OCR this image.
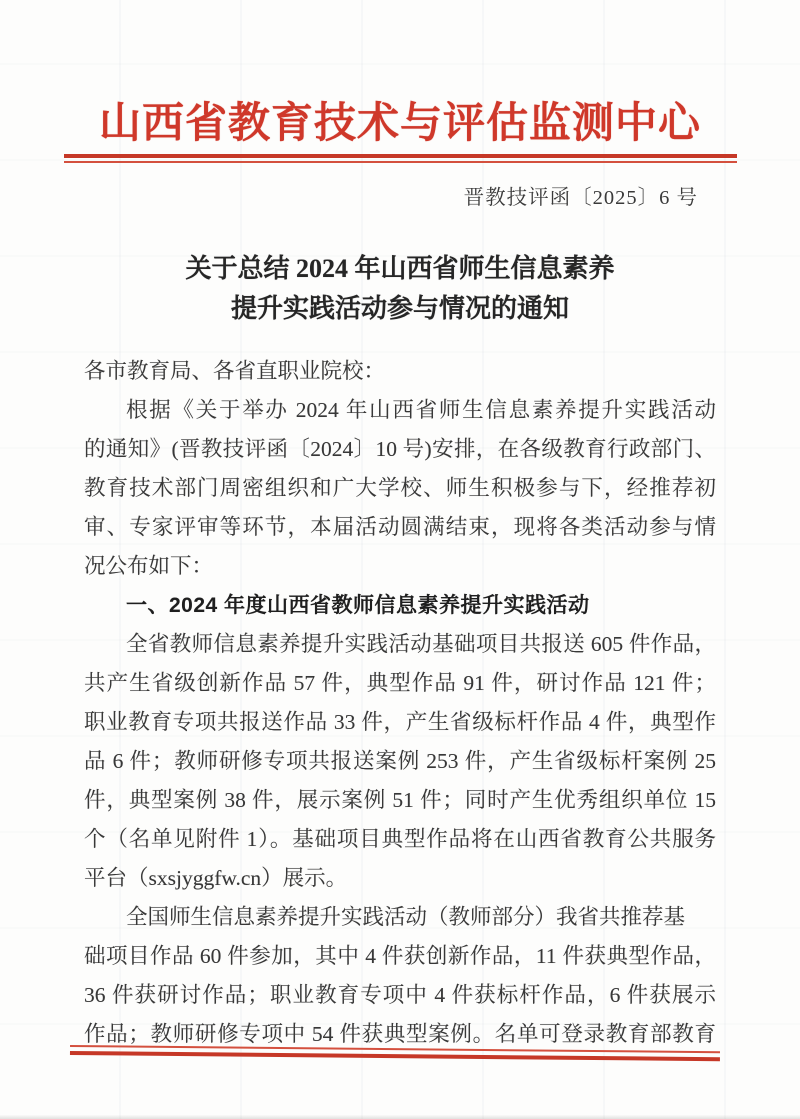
山西省教育技术与评估监测中心
晋教技评函〔2025〕6 号
关于总结 2024 年山西省师生信息素养
提升实践活动参与情况的通知
各市教育局、各省直职业院校：
根据《关于举办 2024 年山西省师生信息素养提升实践活动
的通知》(晋教技评函〔2024〕10 号)安排，在各级教育行政部门、
教育技术部门周密组织和广大学校、师生积极参与下，经推荐初
审、专家评审等环节，本届活动圆满结束，现将各类活动参与情
况公布如下：
一、2024 年度山西省教师信息素养提升实践活动
全省教师信息素养提升实践活动基础项目共报送 605 件作品，
共产生省级创新作品 57 件，典型作品 91 件，研讨作品 121 件；
职业教育专项共报送作品 33 件，产生省级标杆作品 4 件，典型作
品 6 件；教师研修专项共报送案例 253 件，产生省级标杆案例 25
件，典型案例 38 件，展示案例 51 件；同时产生优秀组织单位 15
个（名单见附件 1）。基础项目典型作品将在山西省教育公共服务
平台（sxsjyggfw.cn）展示。
全国师生信息素养提升实践活动（教师部分）我省共推荐基
础项目作品 60 件参加，其中 4 件获创新作品，11 件获典型作品，
36 件获研讨作品；职业教育专项中 4 件获标杆作品，6 件获展示
作品；教师研修专项中 54 件获典型案例。名单可登录教育部教育
